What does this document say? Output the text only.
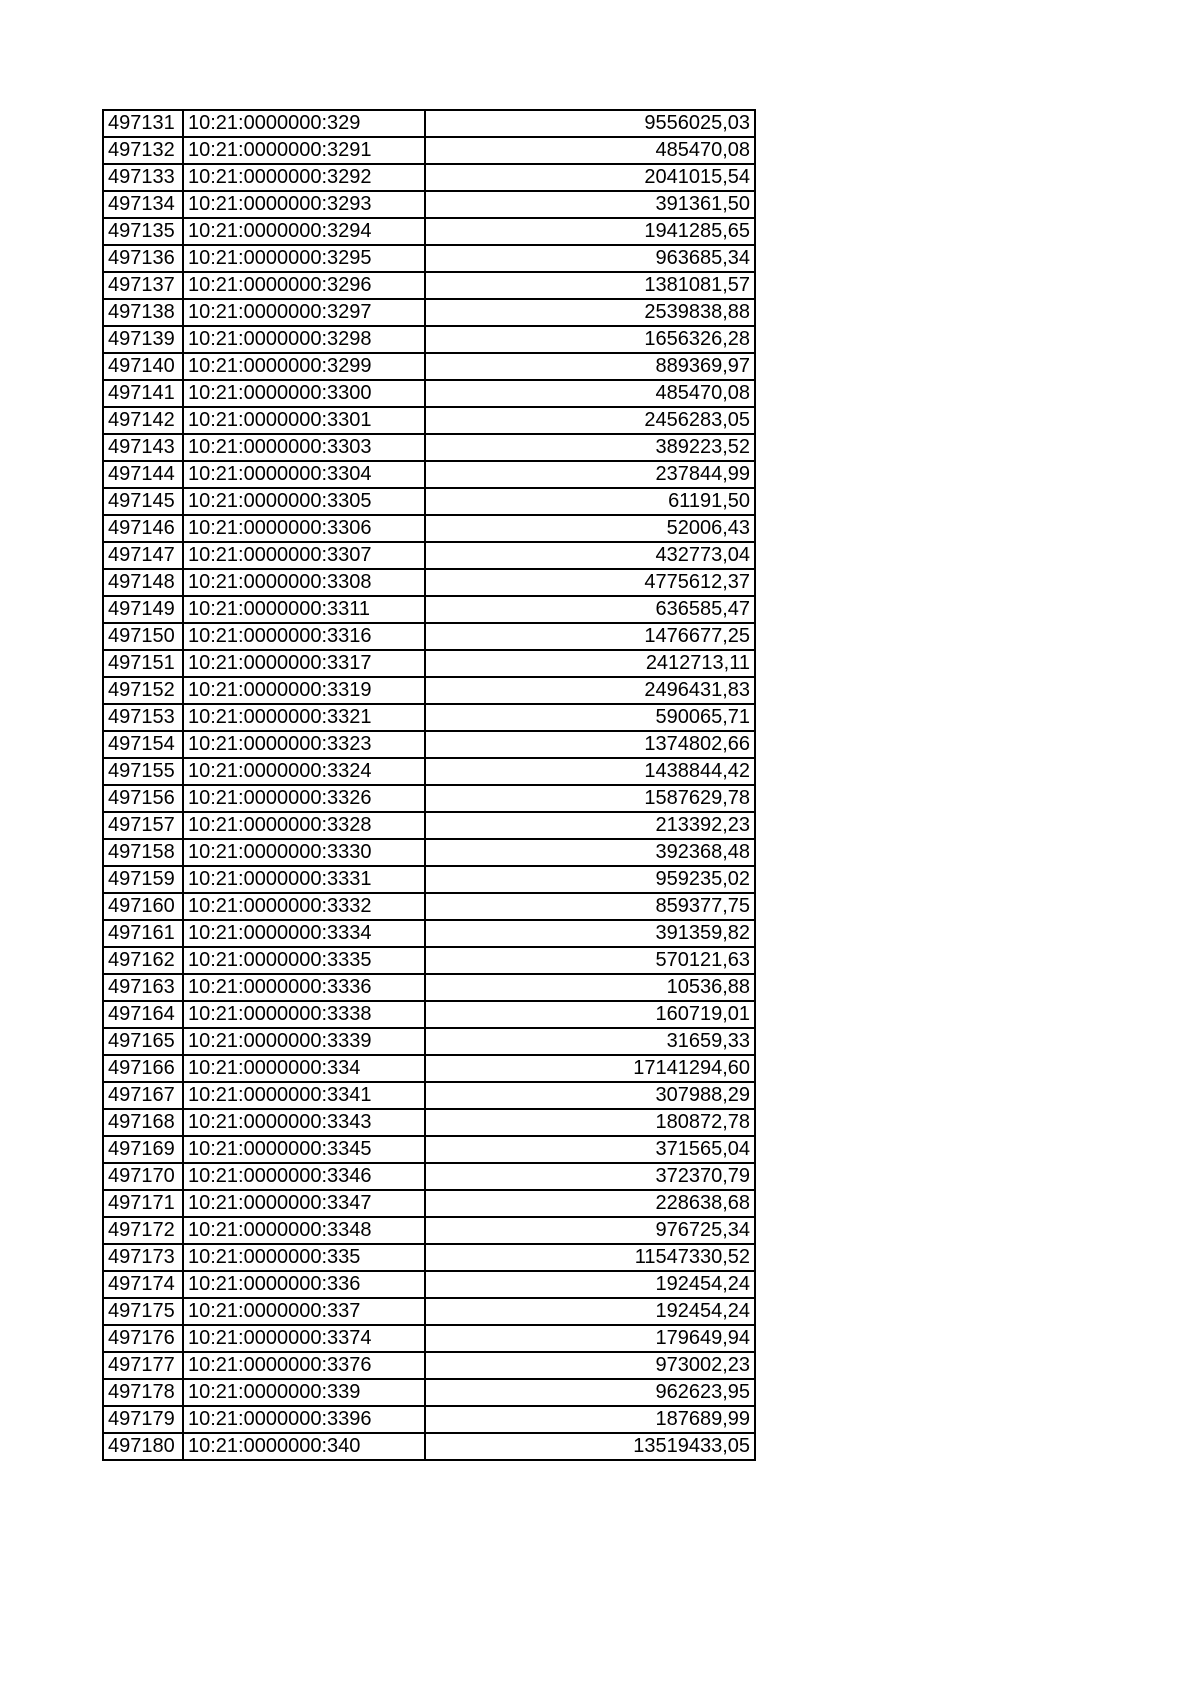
497131	10:21:0000000:329	9556025,03
497132	10:21:0000000:3291	485470,08
497133	10:21:0000000:3292	2041015,54
497134	10:21:0000000:3293	391361,50
497135	10:21:0000000:3294	1941285,65
497136	10:21:0000000:3295	963685,34
497137	10:21:0000000:3296	1381081,57
497138	10:21:0000000:3297	2539838,88
497139	10:21:0000000:3298	1656326,28
497140	10:21:0000000:3299	889369,97
497141	10:21:0000000:3300	485470,08
497142	10:21:0000000:3301	2456283,05
497143	10:21:0000000:3303	389223,52
497144	10:21:0000000:3304	237844,99
497145	10:21:0000000:3305	61191,50
497146	10:21:0000000:3306	52006,43
497147	10:21:0000000:3307	432773,04
497148	10:21:0000000:3308	4775612,37
497149	10:21:0000000:3311	636585,47
497150	10:21:0000000:3316	1476677,25
497151	10:21:0000000:3317	2412713,11
497152	10:21:0000000:3319	2496431,83
497153	10:21:0000000:3321	590065,71
497154	10:21:0000000:3323	1374802,66
497155	10:21:0000000:3324	1438844,42
497156	10:21:0000000:3326	1587629,78
497157	10:21:0000000:3328	213392,23
497158	10:21:0000000:3330	392368,48
497159	10:21:0000000:3331	959235,02
497160	10:21:0000000:3332	859377,75
497161	10:21:0000000:3334	391359,82
497162	10:21:0000000:3335	570121,63
497163	10:21:0000000:3336	10536,88
497164	10:21:0000000:3338	160719,01
497165	10:21:0000000:3339	31659,33
497166	10:21:0000000:334	17141294,60
497167	10:21:0000000:3341	307988,29
497168	10:21:0000000:3343	180872,78
497169	10:21:0000000:3345	371565,04
497170	10:21:0000000:3346	372370,79
497171	10:21:0000000:3347	228638,68
497172	10:21:0000000:3348	976725,34
497173	10:21:0000000:335	11547330,52
497174	10:21:0000000:336	192454,24
497175	10:21:0000000:337	192454,24
497176	10:21:0000000:3374	179649,94
497177	10:21:0000000:3376	973002,23
497178	10:21:0000000:339	962623,95
497179	10:21:0000000:3396	187689,99
497180	10:21:0000000:340	13519433,05
